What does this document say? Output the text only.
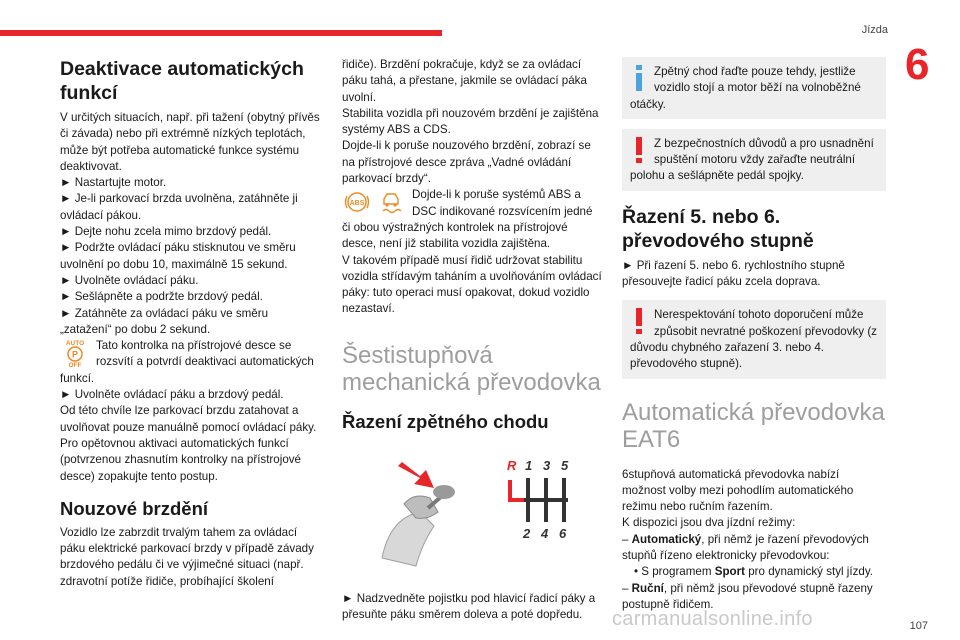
Jízda
6
Deaktivace automatických funkcí

V určitých situacích, např. při tažení (obytný přívěs či závada) nebo při extrémně nízkých teplotách, může být potřeba automatické funkce systému deaktivovat.

► Nastartujte motor.

► Je-li parkovací brzda uvolněna, zatáhněte ji ovládací pákou.

► Dejte nohu zcela mimo brzdový pedál.

► Podržte ovládací páku stisknutou ve směru uvolnění po dobu 10, maximálně 15 sekund.

► Uvolněte ovládací páku.

► Sešlápněte a podržte brzdový pedál.

► Zatáhněte za ovládací páku ve směru „zatažení“ po dobu 2 sekund.

AUTO
P
OFF
Tato kontrolka na přístrojové desce se rozsvítí a potvrdí deaktivaci automatických funkcí.

► Uvolněte ovládací páku a brzdový pedál.

Od této chvíle lze parkovací brzdu zatahovat a uvolňovat pouze manuálně pomocí ovládací páky.

Pro opětovnou aktivaci automatických funkcí (potvrzenou zhasnutím kontrolky na přístrojové desce) zopakujte tento postup.

Nouzové brzdění

Vozidlo lze zabrzdit trvalým tahem za ovládací páku elektrické parkovací brzdy v případě závady brzdového pedálu či ve výjimečné situaci (např. zdravotní potíže řidiče, probíhající školení

řidiče). Brzdění pokračuje, když se za ovládací páku tahá, a přestane, jakmile se ovládací páka uvolní.

Stabilita vozidla při nouzovém brzdění je zajištěna systémy ABS a CDS.

Dojde-li k poruše nouzového brzdění, zobrazí se na přístrojové desce zpráva „Vadné ovládání parkovací brzdy“.

ABS
Dojde-li k poruše systémů ABS a DSC indikované rozsvícením jedné či obou výstražných kontrolek na přístrojové desce, není již stabilita vozidla zajištěna.

V takovém případě musí řidič udržovat stabilitu vozidla střídavým taháním a uvolňováním ovládací páky: tuto operaci musí opakovat, dokud vozidlo nezastaví.

Šestistupňová mechanická převodovka
Řazení zpětného chodu
R 1 3 5
2 4 6

► Nadzvedněte pojistku pod hlavicí řadicí páky a přesuňte páku směrem doleva a poté dopředu.

Zpětný chod řaďte pouze tehdy, jestliže vozidlo stojí a motor běží na volnoběžné otáčky.
Z bezpečnostních důvodů a pro usnadnění spuštění motoru vždy zařaďte neutrální polohu a sešlápněte pedál spojky.
Řazení 5. nebo 6. převodového stupně

► Při řazení 5. nebo 6. rychlostního stupně přesouvejte řadicí páku zcela doprava.

Nerespektování tohoto doporučení může způsobit nevratné poškození převodovky (z důvodu chybného zařazení 3. nebo 4. převodového stupně).
Automatická převodovka EAT6

6stupňová automatická převodovka nabízí možnost volby mezi pohodlím automatického režimu nebo ručním řazením.

K dispozici jsou dva jízdní režimy:

– Automatický, při němž je řazení převodových stupňů řízeno elektronicky převodovkou:

• S programem Sport pro dynamický styl jízdy.

– Ruční, při němž jsou převodové stupně řazeny postupně řidičem.

carmanualsonline.info	107
